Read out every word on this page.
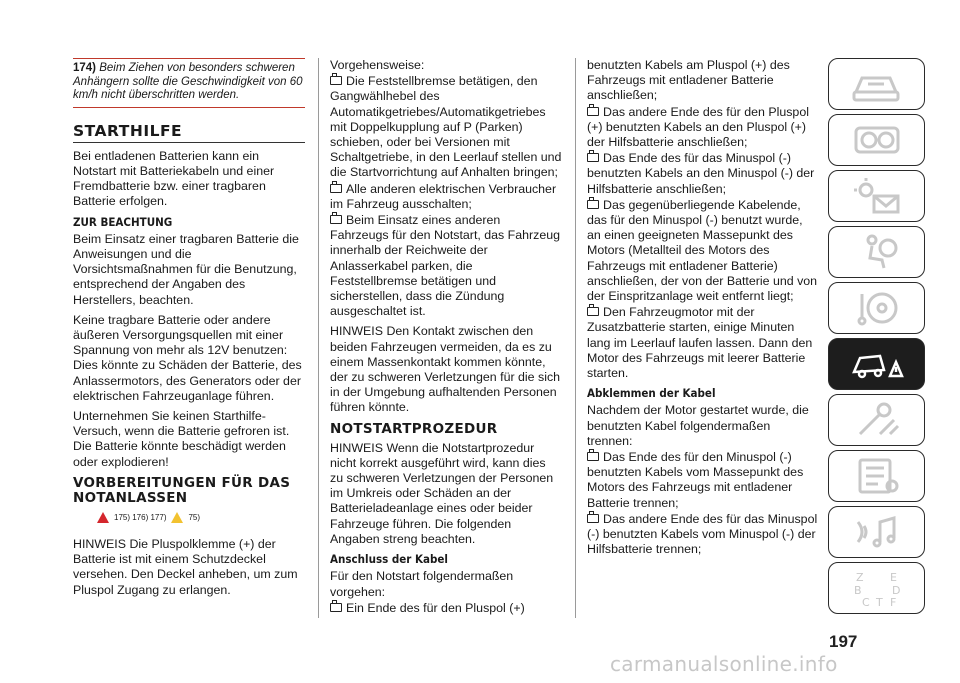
174) Beim Ziehen von besonders schweren Anhängern sollte die Geschwindigkeit von 60 km/h nicht überschritten werden.
STARTHILFE

Bei entladenen Batterien kann ein Notstart mit Batteriekabeln und einer Fremdbatterie bzw. einer tragbaren Batterie erfolgen.

ZUR BEACHTUNG

Beim Einsatz einer tragbaren Batterie die Anweisungen und die Vorsichtsmaßnahmen für die Benutzung, entsprechend der Angaben des Herstellers, beachten.

Keine tragbare Batterie oder andere äußeren Versorgungsquellen mit einer Spannung von mehr als 12V benutzen: Dies könnte zu Schäden der Batterie, des Anlassermotors, des Generators oder der elektrischen Fahrzeuganlage führen.

Unternehmen Sie keinen Starthilfe-Versuch, wenn die Batterie gefroren ist. Die Batterie könnte beschädigt werden oder explodieren!

VORBEREITUNGEN FÜR DAS NOTANLASSEN
175) 176) 177)	75)

HINWEIS Die Pluspolklemme (+) der Batterie ist mit einem Schutzdeckel versehen. Den Deckel anheben, um zum Pluspol Zugang zu erlangen.

Vorgehensweise:

Die Feststellbremse betätigen, den Gangwählhebel des Automatikgetriebes/Automatikgetriebes mit Doppelkupplung auf P (Parken) schieben, oder bei Versionen mit Schaltgetriebe, in den Leerlauf stellen und die Startvorrichtung auf Anhalten bringen;

Alle anderen elektrischen Verbraucher im Fahrzeug ausschalten;

Beim Einsatz eines anderen Fahrzeugs für den Notstart, das Fahrzeug innerhalb der Reichweite der Anlasserkabel parken, die Feststellbremse betätigen und sicherstellen, dass die Zündung ausgeschaltet ist.

HINWEIS Den Kontakt zwischen den beiden Fahrzeugen vermeiden, da es zu einem Massenkontakt kommen könnte, der zu schweren Verletzungen für die sich in der Umgebung aufhaltenden Personen führen könnte.

NOTSTARTPROZEDUR

HINWEIS Wenn die Notstartprozedur nicht korrekt ausgeführt wird, kann dies zu schweren Verletzungen der Personen im Umkreis oder Schäden an der Batterieladeanlage eines oder beider Fahrzeuge führen. Die folgenden Angaben streng beachten.

Anschluss der Kabel

Für den Notstart folgendermaßen vorgehen:

Ein Ende des für den Pluspol (+)

benutzten Kabels am Pluspol (+) des Fahrzeugs mit entladener Batterie anschließen;

Das andere Ende des für den Pluspol (+) benutzten Kabels an den Pluspol (+) der Hilfsbatterie anschließen;

Das Ende des für das Minuspol (-) benutzten Kabels an den Minuspol (-) der Hilfsbatterie anschließen;

Das gegenüberliegende Kabelende, das für den Minuspol (-) benutzt wurde, an einen geeigneten Massepunkt des Motors (Metallteil des Motors des Fahrzeugs mit entladener Batterie) anschließen, der von der Batterie und von der Einspritzanlage weit entfernt liegt;

Den Fahrzeugmotor mit der Zusatzbatterie starten, einige Minuten lang im Leerlauf laufen lassen. Dann den Motor des Fahrzeugs mit leerer Batterie starten.

Abklemmen der Kabel

Nachdem der Motor gestartet wurde, die benutzten Kabel folgendermaßen trennen:

Das Ende des für den Minuspol (-) benutzten Kabels vom Massepunkt des Motors des Fahrzeugs mit entladener Batterie trennen;

Das andere Ende des für das Minuspol (-) benutzten Kabels vom Minuspol (-) der Hilfsbatterie trennen;

Z E
B	D
C T F
197
carmanualsonline.info
